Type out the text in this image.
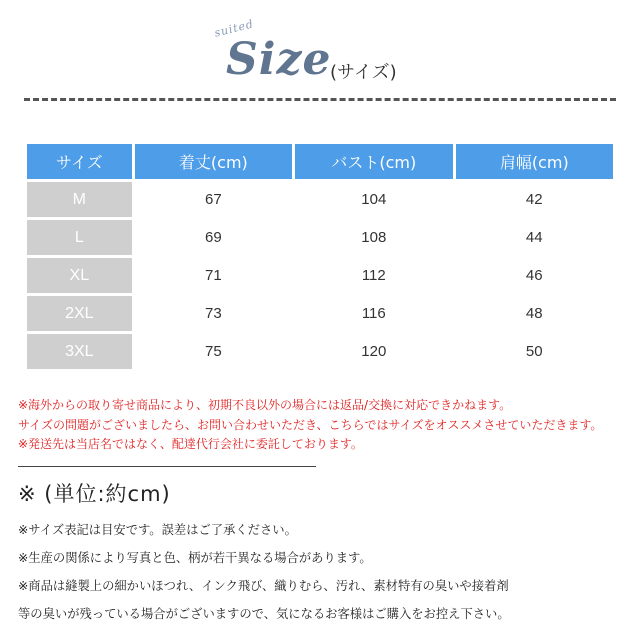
suited
Size
(サイズ)
サイズ	着丈(cm)	バスト(cm)	肩幅(cm)
M	67	104	42
L	69	108	44
XL	71	112	46
2XL	73	116	48
3XL	75	120	50
※海外からの取り寄せ商品により、初期不良以外の場合には返品/交換に対応できかねます。
サイズの問題がございましたら、お問い合わせいただき、こちらではサイズをオススメさせていただきます。
※発送先は当店名ではなく、配達代行会社に委託しております。
※ (単位:約cm)
※サイズ表記は目安です。誤差はご了承ください。
※生産の関係により写真と色、柄が若干異なる場合があります。
※商品は縫製上の細かいほつれ、インク飛び、織りむら、汚れ、素材特有の臭いや接着剤
等の臭いが残っている場合がございますので、気になるお客様はご購入をお控え下さい。
